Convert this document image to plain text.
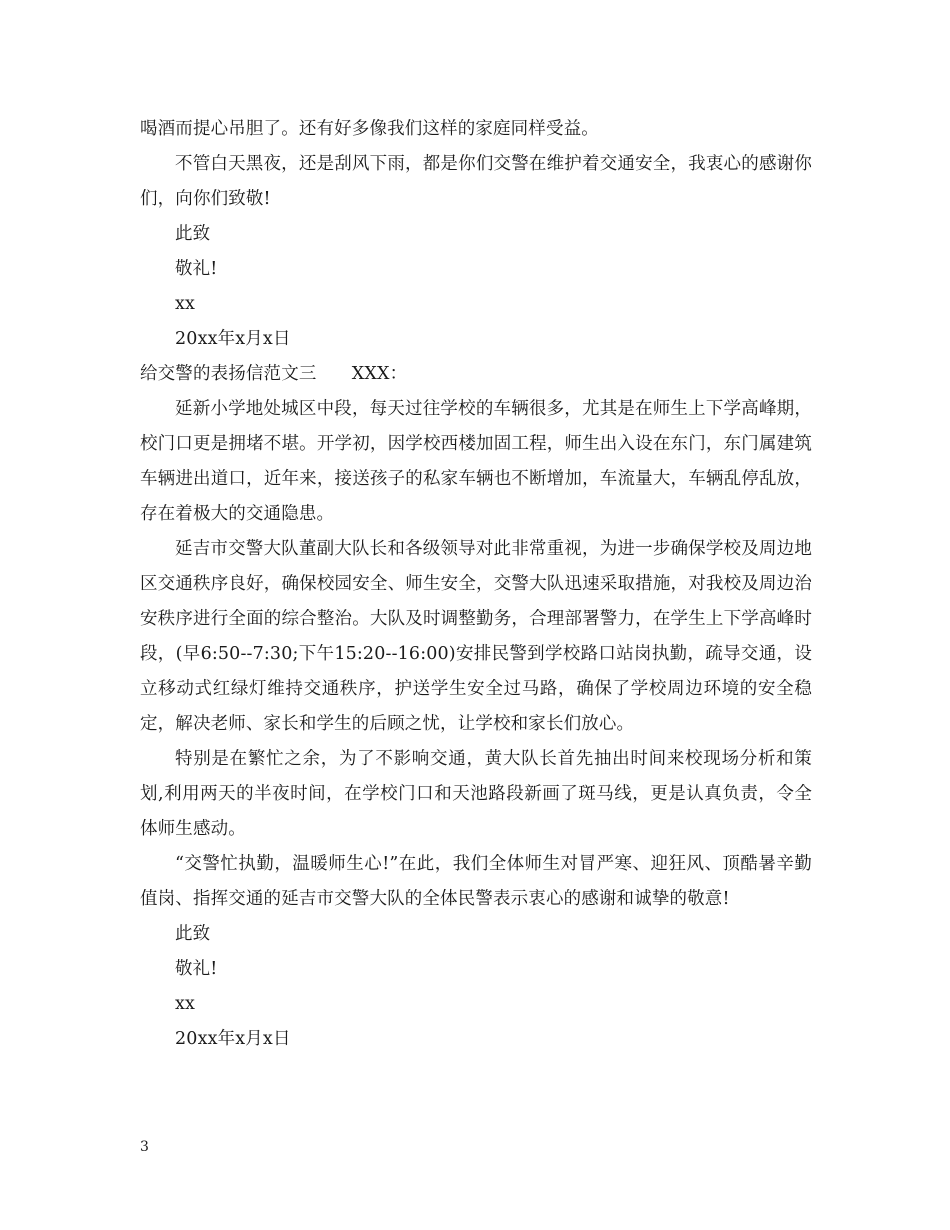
喝酒而提心吊胆了。还有好多像我们这样的家庭同样受益。
不管白天黑夜，还是刮风下雨，都是你们交警在维护着交通安全，我衷心的感谢你们，向你们致敬!
此致
敬礼!
xx
20xx年x月x日
给交警的表扬信范文三　　XXX：
延新小学地处城区中段，每天过往学校的车辆很多，尤其是在师生上下学高峰期，校门口更是拥堵不堪。开学初，因学校西楼加固工程，师生出入设在东门，东门属建筑车辆进出道口，近年来，接送孩子的私家车辆也不断增加，车流量大，车辆乱停乱放，存在着极大的交通隐患。
延吉市交警大队董副大队长和各级领导对此非常重视，为进一步确保学校及周边地区交通秩序良好，确保校园安全、师生安全，交警大队迅速采取措施，对我校及周边治安秩序进行全面的综合整治。大队及时调整勤务，合理部署警力，在学生上下学高峰时段，(早6:50--7:30;下午15:20--16:00)安排民警到学校路口站岗执勤，疏导交通，设立移动式红绿灯维持交通秩序，护送学生安全过马路，确保了学校周边环境的安全稳定，解决老师、家长和学生的后顾之忧，让学校和家长们放心。
特别是在繁忙之余，为了不影响交通，黄大队长首先抽出时间来校现场分析和策划,利用两天的半夜时间，在学校门口和天池路段新画了斑马线，更是认真负责，令全体师生感动。
“交警忙执勤，温暖师生心!”在此，我们全体师生对冒严寒、迎狂风、顶酷暑辛勤值岗、指挥交通的延吉市交警大队的全体民警表示衷心的感谢和诚挚的敬意!
此致
敬礼!
xx
20xx年x月x日
3
